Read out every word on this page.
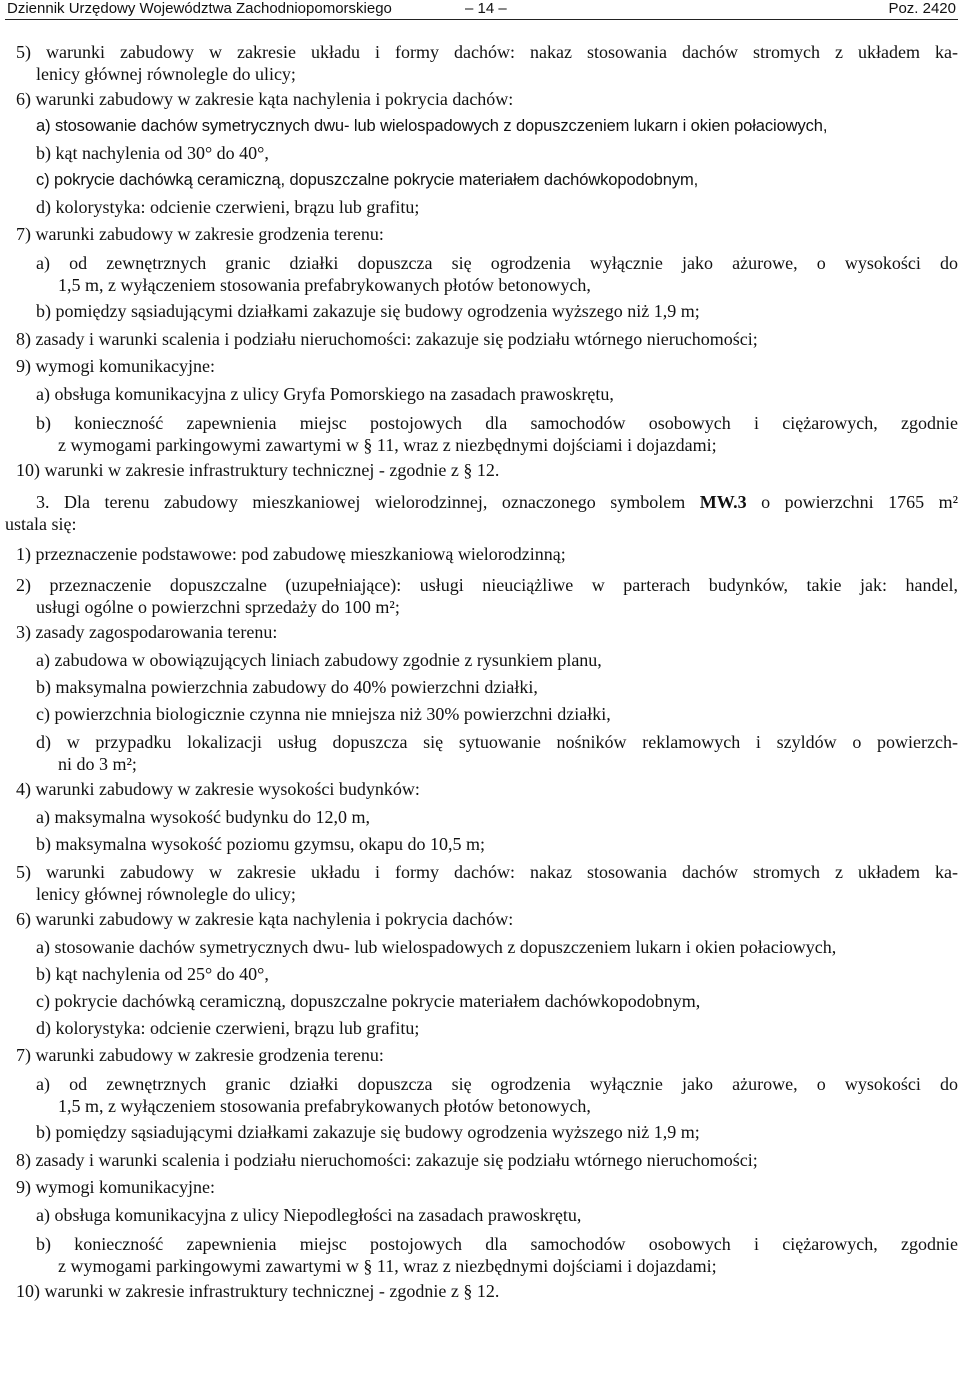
Dziennik Urzędowy Województwa Zachodniopomorskiego	– 14 –	Poz. 2420

5) warunki zabudowy w zakresie układu i formy dachów: nakaz stosowania dachów stromych z układem ka-

lenicy głównej równolegle do ulicy;

6) warunki zabudowy w zakresie kąta nachylenia i pokrycia dachów:

a) stosowanie dachów symetrycznych dwu- lub wielospadowych z dopuszczeniem lukarn i okien połaciowych,

b) kąt nachylenia od 30° do 40°,

c) pokrycie dachówką ceramiczną, dopuszczalne pokrycie materiałem dachówkopodobnym,

d) kolorystyka: odcienie czerwieni, brązu lub grafitu;

7) warunki zabudowy w zakresie grodzenia terenu:

a) od zewnętrznych granic działki dopuszcza się ogrodzenia wyłącznie jako ażurowe, o wysokości do

1,5 m, z wyłączeniem stosowania prefabrykowanych płotów betonowych,

b) pomiędzy sąsiadującymi działkami zakazuje się budowy ogrodzenia wyższego niż 1,9 m;

8) zasady i warunki scalenia i podziału nieruchomości: zakazuje się podziału wtórnego nieruchomości;

9) wymogi komunikacyjne:

a) obsługa komunikacyjna z ulicy Gryfa Pomorskiego na zasadach prawoskrętu,

b) konieczność zapewnienia miejsc postojowych dla samochodów osobowych i ciężarowych, zgodnie

z wymogami parkingowymi zawartymi w § 11, wraz z niezbędnymi dojściami i dojazdami;

10) warunki w zakresie infrastruktury technicznej - zgodnie z § 12.

3. Dla terenu zabudowy mieszkaniowej wielorodzinnej, oznaczonego symbolem MW.3 o powierzchni 1765 m²

ustala się:

1) przeznaczenie podstawowe: pod zabudowę mieszkaniową wielorodzinną;

2) przeznaczenie dopuszczalne (uzupełniające): usługi nieuciążliwe w parterach budynków, takie jak: handel,

usługi ogólne o powierzchni sprzedaży do 100 m²;

3) zasady zagospodarowania terenu:

a) zabudowa w obowiązujących liniach zabudowy zgodnie z rysunkiem planu,

b) maksymalna powierzchnia zabudowy do 40% powierzchni działki,

c) powierzchnia biologicznie czynna nie mniejsza niż 30% powierzchni działki,

d) w przypadku lokalizacji usług dopuszcza się sytuowanie nośników reklamowych i szyldów o powierzch-

ni do 3 m²;

4) warunki zabudowy w zakresie wysokości budynków:

a) maksymalna wysokość budynku do 12,0 m,

b) maksymalna wysokość poziomu gzymsu, okapu do 10,5 m;

5) warunki zabudowy w zakresie układu i formy dachów: nakaz stosowania dachów stromych z układem ka-

lenicy głównej równolegle do ulicy;

6) warunki zabudowy w zakresie kąta nachylenia i pokrycia dachów:

a) stosowanie dachów symetrycznych dwu- lub wielospadowych z dopuszczeniem lukarn i okien połaciowych,

b) kąt nachylenia od 25° do 40°,

c) pokrycie dachówką ceramiczną, dopuszczalne pokrycie materiałem dachówkopodobnym,

d) kolorystyka: odcienie czerwieni, brązu lub grafitu;

7) warunki zabudowy w zakresie grodzenia terenu:

a) od zewnętrznych granic działki dopuszcza się ogrodzenia wyłącznie jako ażurowe, o wysokości do

1,5 m, z wyłączeniem stosowania prefabrykowanych płotów betonowych,

b) pomiędzy sąsiadującymi działkami zakazuje się budowy ogrodzenia wyższego niż 1,9 m;

8) zasady i warunki scalenia i podziału nieruchomości: zakazuje się podziału wtórnego nieruchomości;

9) wymogi komunikacyjne:

a) obsługa komunikacyjna z ulicy Niepodległości na zasadach prawoskrętu,

b) konieczność zapewnienia miejsc postojowych dla samochodów osobowych i ciężarowych, zgodnie

z wymogami parkingowymi zawartymi w § 11, wraz z niezbędnymi dojściami i dojazdami;

10) warunki w zakresie infrastruktury technicznej - zgodnie z § 12.
